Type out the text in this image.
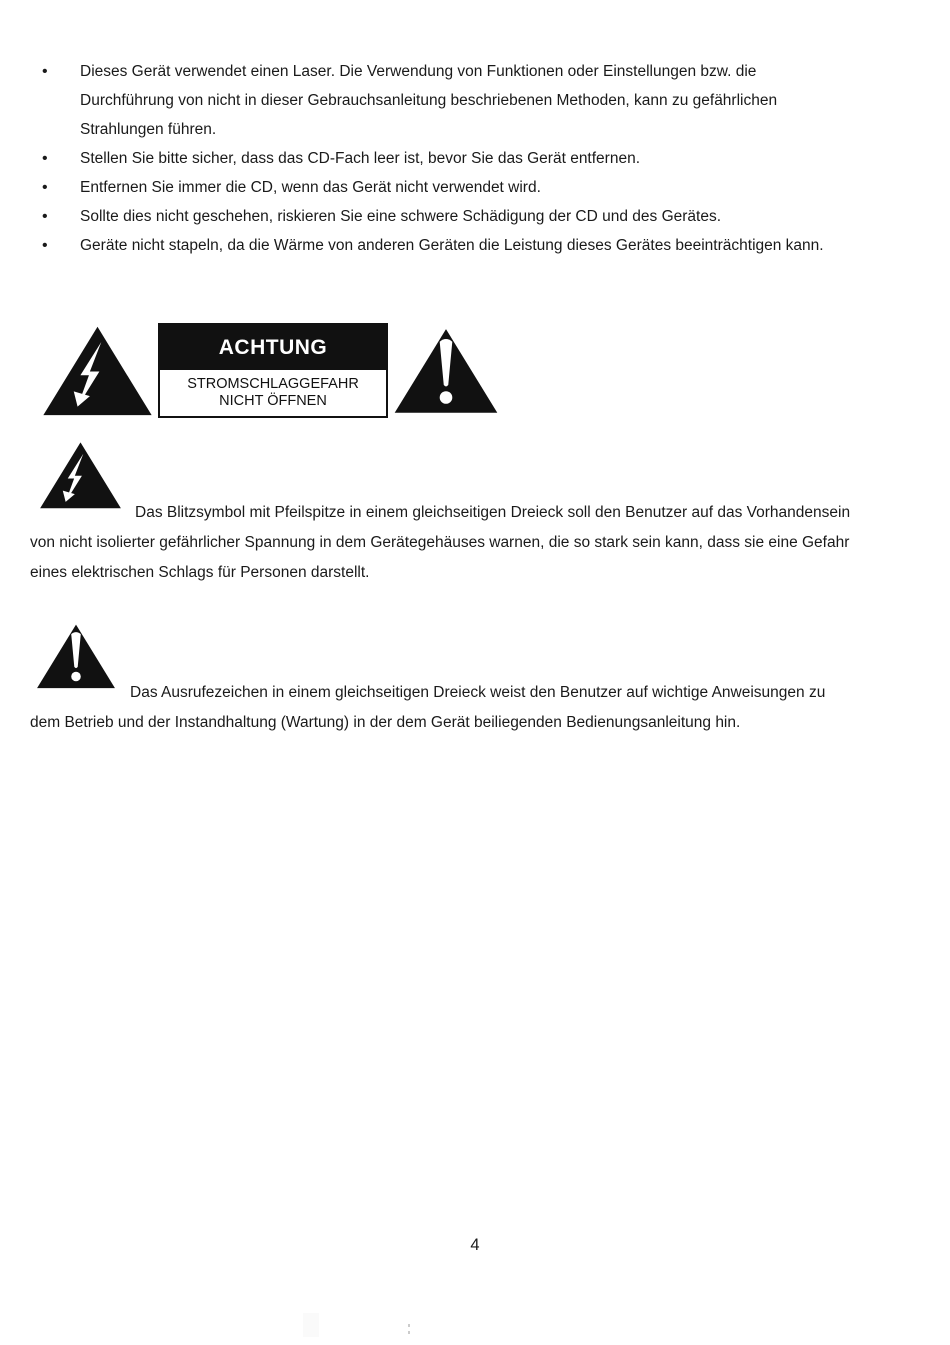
• Dieses Gerät verwendet einen Laser. Die Verwendung von Funktionen oder Einstellungen bzw. die Durchführung von nicht in dieser Gebrauchsanleitung beschriebenen Methoden, kann zu gefährlichen Strahlungen führen.
• Stellen Sie bitte sicher, dass das CD-Fach leer ist, bevor Sie das Gerät entfernen.
• Entfernen Sie immer die CD, wenn das Gerät nicht verwendet wird.
• Sollte dies nicht geschehen, riskieren Sie eine schwere Schädigung der CD und des Gerätes.
• Geräte nicht stapeln, da die Wärme von anderen Geräten die Leistung dieses Gerätes beeinträchtigen kann.
ACHTUNG
STROMSCHLAGGEFAHR
NICHT ÖFFNEN

Das Blitzsymbol mit Pfeilspitze in einem gleichseitigen Dreieck soll den Benutzer auf das Vorhandensein von nicht isolierter gefährlicher Spannung in dem Gerätegehäuses warnen, die so stark sein kann, dass sie eine Gefahr eines elektrischen Schlags für Personen darstellt.

Das Ausrufezeichen in einem gleichseitigen Dreieck weist den Benutzer auf wichtige Anweisungen zu dem Betrieb und der Instandhaltung (Wartung) in der dem Gerät beiliegenden Bedienungsanleitung hin.

4
